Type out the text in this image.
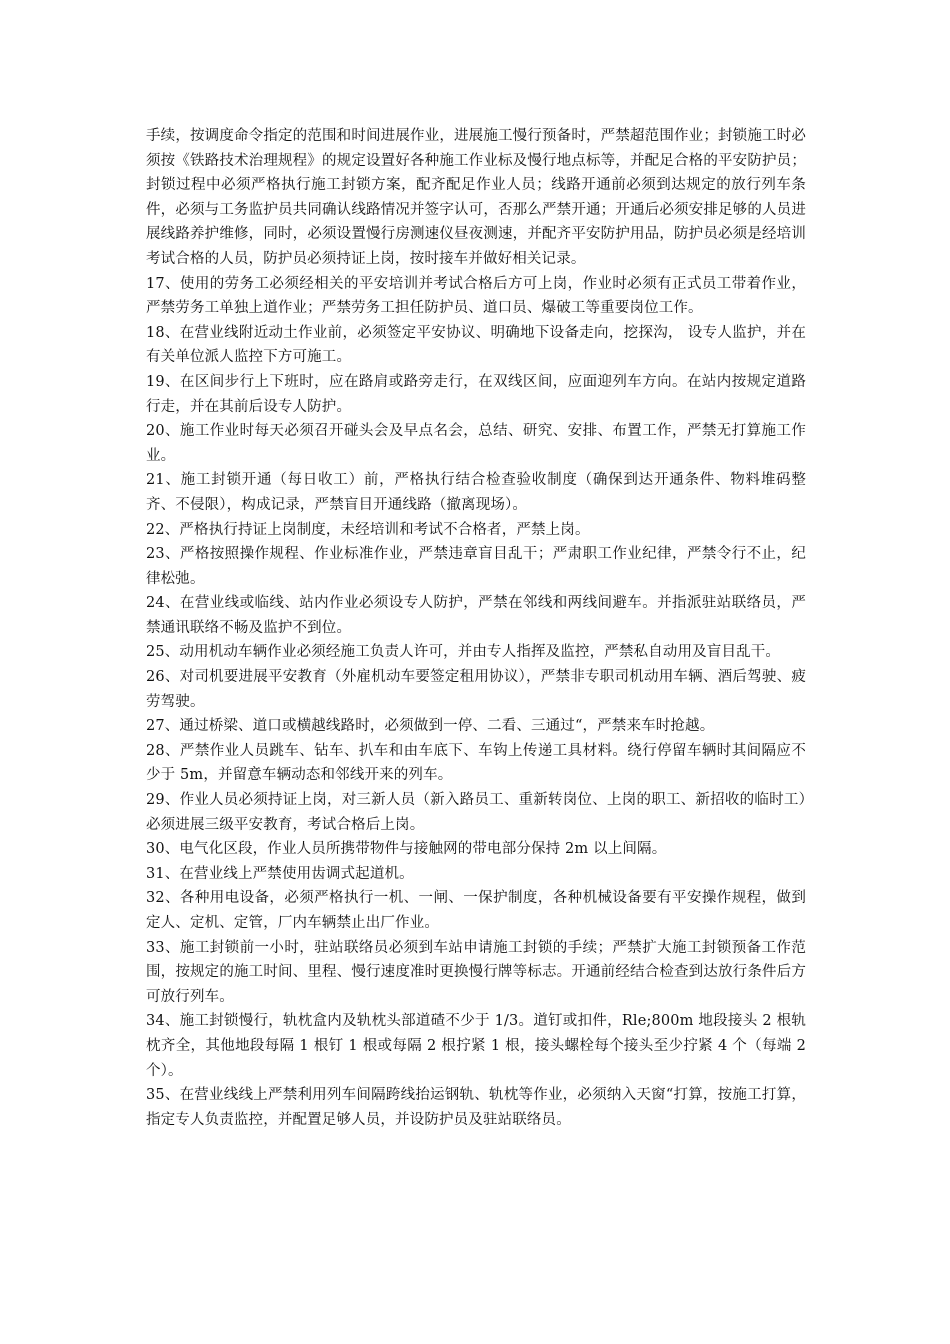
手续，按调度命令指定的范围和时间进展作业，进展施工慢行预备时，严禁超范围作业；封锁施工时必须按《铁路技术治理规程》的规定设置好各种施工作业标及慢行地点标等，并配足合格的平安防护员；封锁过程中必须严格执行施工封锁方案，配齐配足作业人员；线路开通前必须到达规定的放行列车条件，必须与工务监护员共同确认线路情况并签字认可，否那么严禁开通；开通后必须安排足够的人员进展线路养护维修，同时，必须设置慢行房测速仪昼夜测速，并配齐平安防护用品，防护员必须是经培训考试合格的人员，防护员必须持证上岗，按时接车并做好相关记录。

17、使用的劳务工必须经相关的平安培训并考试合格后方可上岗，作业时必须有正式员工带着作业，严禁劳务工单独上道作业；严禁劳务工担任防护员、道口员、爆破工等重要岗位工作。

18、在营业线附近动土作业前，必须签定平安协议、明确地下设备走向，挖探沟， 设专人监护，并在有关单位派人监控下方可施工。

19、在区间步行上下班时，应在路肩或路旁走行，在双线区间，应面迎列车方向。在站内按规定道路行走，并在其前后设专人防护。

20、施工作业时每天必须召开碰头会及早点名会，总结、研究、安排、布置工作，严禁无打算施工作业。

21、施工封锁开通（每日收工）前，严格执行结合检查验收制度（确保到达开通条件、物料堆码整齐、不侵限），构成记录，严禁盲目开通线路（撤离现场）。

22、严格执行持证上岗制度，未经培训和考试不合格者，严禁上岗。

23、严格按照操作规程、作业标准作业，严禁违章盲目乱干；严肃职工作业纪律，严禁令行不止，纪律松弛。

24、在营业线或临线、站内作业必须设专人防护，严禁在邻线和两线间避车。并指派驻站联络员，严禁通讯联络不畅及监护不到位。

25、动用机动车辆作业必须经施工负责人许可，并由专人指挥及监控，严禁私自动用及盲目乱干。

26、对司机要进展平安教育（外雇机动车要签定租用协议），严禁非专职司机动用车辆、酒后驾驶、疲劳驾驶。

27、通过桥梁、道口或横越线路时，必须做到一停、二看、三通过“，严禁来车时抢越。

28、严禁作业人员跳车、钻车、扒车和由车底下、车钩上传递工具材料。绕行停留车辆时其间隔应不少于 5m，并留意车辆动态和邻线开来的列车。

29、作业人员必须持证上岗，对三新人员（新入路员工、重新转岗位、上岗的职工、新招收的临时工）必须进展三级平安教育，考试合格后上岗。

30、电气化区段，作业人员所携带物件与接触网的带电部分保持 2m 以上间隔。

31、在营业线上严禁使用齿调式起道机。

32、各种用电设备，必须严格执行一机、一闸、一保护制度，各种机械设备要有平安操作规程，做到定人、定机、定管，厂内车辆禁止出厂作业。

33、施工封锁前一小时，驻站联络员必须到车站申请施工封锁的手续；严禁扩大施工封锁预备工作范围，按规定的施工时间、里程、慢行速度准时更换慢行牌等标志。开通前经结合检查到达放行条件后方可放行列车。

34、施工封锁慢行，轨枕盒内及轨枕头部道碴不少于 1/3。道钉或扣件，Rle;800m 地段接头 2 根轨枕齐全，其他地段每隔 1 根钉 1 根或每隔 2 根拧紧 1 根，接头螺栓每个接头至少拧紧 4 个（每端 2 个）。

35、在营业线线上严禁利用列车间隔跨线抬运钢轨、轨枕等作业，必须纳入天窗“打算，按施工打算，指定专人负责监控，并配置足够人员，并设防护员及驻站联络员。
